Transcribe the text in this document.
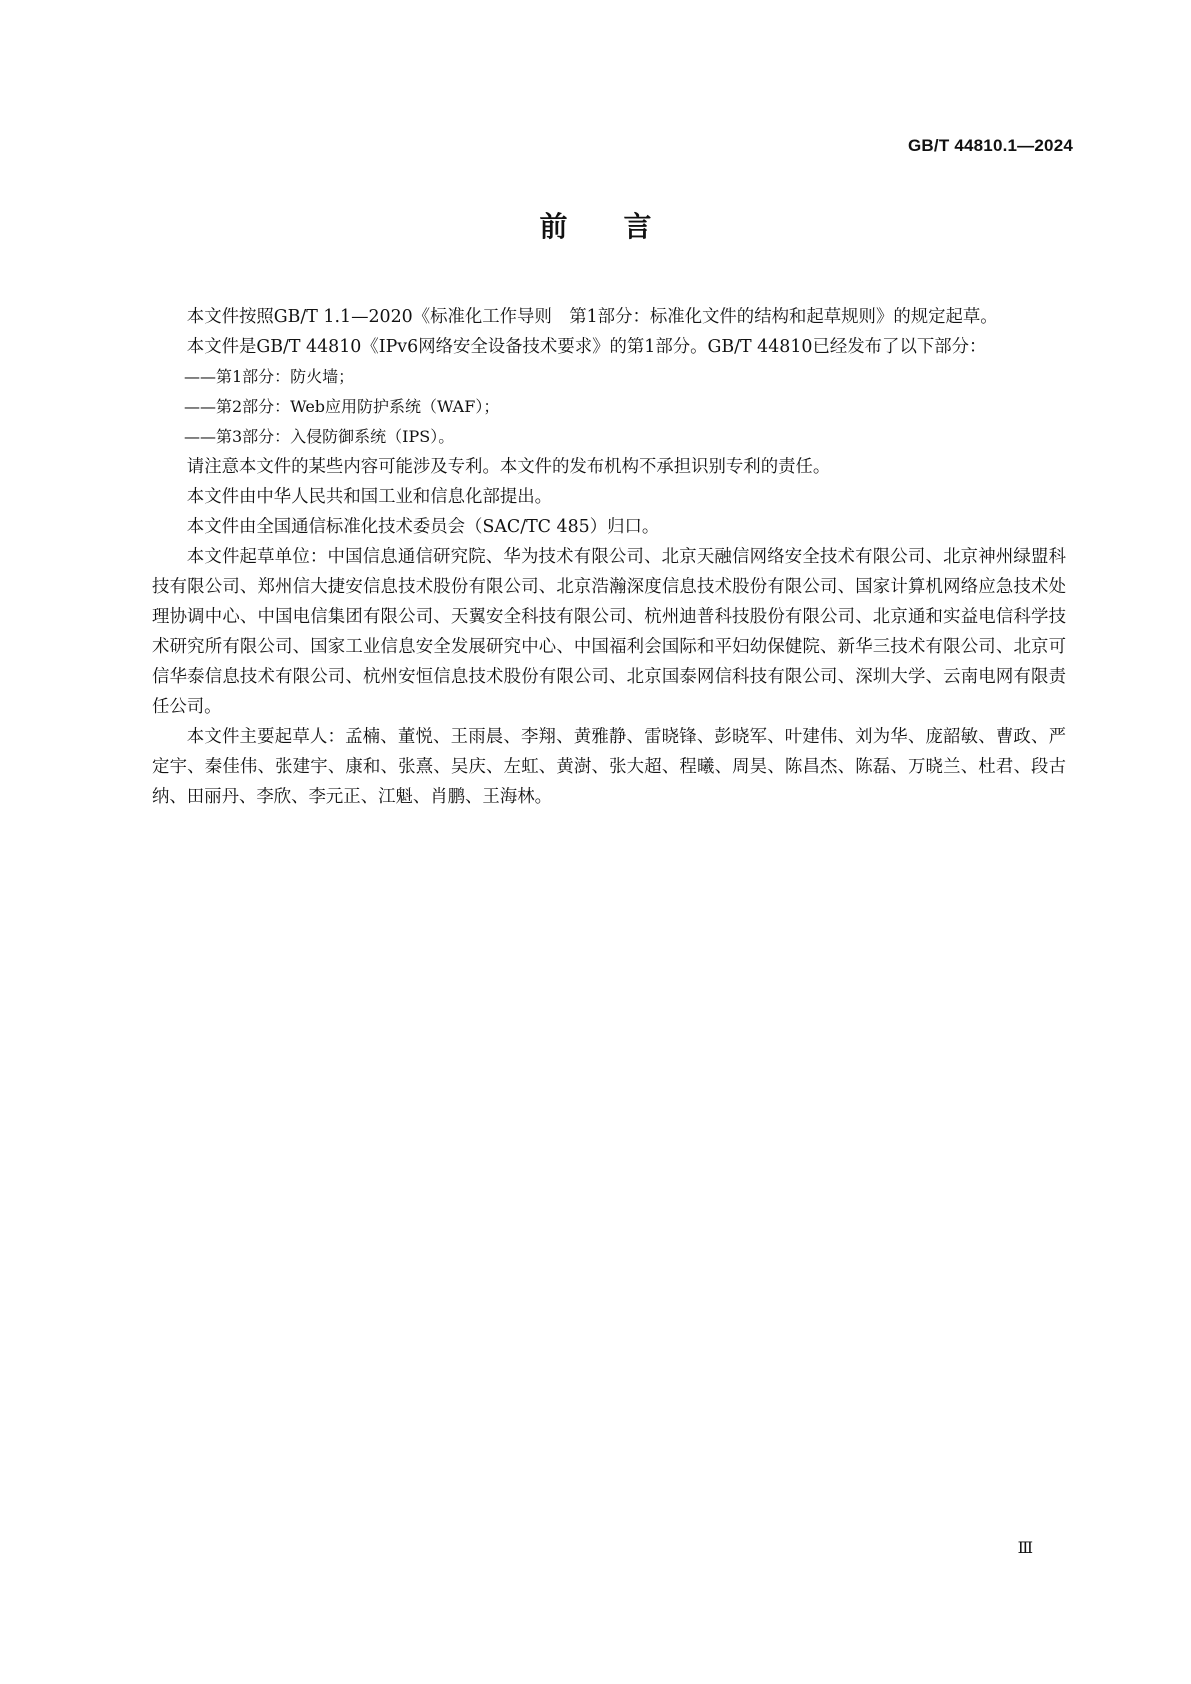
GB/T 44810.1—2024
前言

本文件按照GB/T 1.1—2020《标准化工作导则　第1部分：标准化文件的结构和起草规则》的规定起草。

本文件是GB/T 44810《IPv6网络安全设备技术要求》的第1部分。GB/T 44810已经发布了以下部分：

——第1部分：防火墙；
——第2部分：Web应用防护系统（WAF）；
——第3部分：入侵防御系统（IPS）。

请注意本文件的某些内容可能涉及专利。本文件的发布机构不承担识别专利的责任。

本文件由中华人民共和国工业和信息化部提出。

本文件由全国通信标准化技术委员会（SAC/TC 485）归口。

本文件起草单位：中国信息通信研究院、华为技术有限公司、北京天融信网络安全技术有限公司、北京神州绿盟科技有限公司、郑州信大捷安信息技术股份有限公司、北京浩瀚深度信息技术股份有限公司、国家计算机网络应急技术处理协调中心、中国电信集团有限公司、天翼安全科技有限公司、杭州迪普科技股份有限公司、北京通和实益电信科学技术研究所有限公司、国家工业信息安全发展研究中心、中国福利会国际和平妇幼保健院、新华三技术有限公司、北京可信华泰信息技术有限公司、杭州安恒信息技术股份有限公司、北京国泰网信科技有限公司、深圳大学、云南电网有限责任公司。

本文件主要起草人：孟楠、董悦、王雨晨、李翔、黄雅静、雷晓锋、彭晓军、叶建伟、刘为华、庞韶敏、曹政、严定宇、秦佳伟、张建宇、康和、张熹、吴庆、左虹、黄澍、张大超、程曦、周昊、陈昌杰、陈磊、万晓兰、杜君、段古纳、田丽丹、李欣、李元正、江魁、肖鹏、王海林。

Ⅲ
